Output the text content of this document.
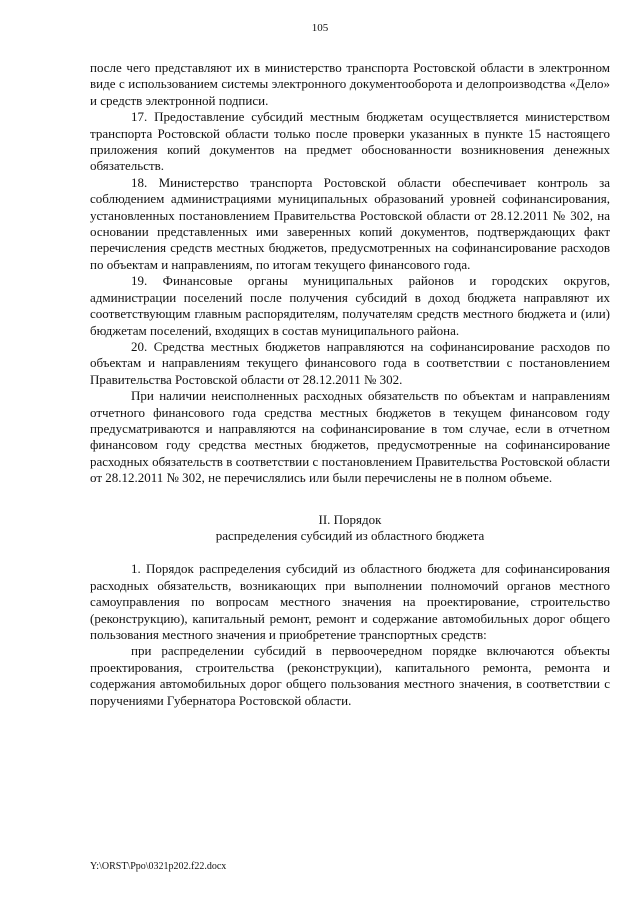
105

после чего представляют их в министерство транспорта Ростовской области в электронном виде с использованием системы электронного документооборота и делопроизводства «Дело» и средств электронной подписи.

17. Предоставление субсидий местным бюджетам осуществляется министерством транспорта Ростовской области только после проверки указанных в пункте 15 настоящего приложения копий документов на предмет обоснованности возникновения денежных обязательств.

18. Министерство транспорта Ростовской области обеспечивает контроль за соблюдением администрациями муниципальных образований уровней софинансирования, установленных постановлением Правительства Ростовской области от 28.12.2011 № 302, на основании представленных ими заверенных копий документов, подтверждающих факт перечисления средств местных бюджетов, предусмотренных на софинансирование расходов по объектам и направлениям, по итогам текущего финансового года.

19. Финансовые органы муниципальных районов и городских округов, администрации поселений после получения субсидий в доход бюджета направляют их соответствующим главным распорядителям, получателям средств местного бюджета и (или) бюджетам поселений, входящих в состав муниципального района.

20. Средства местных бюджетов направляются на софинансирование расходов по объектам и направлениям текущего финансового года в соответствии с постановлением Правительства Ростовской области от 28.12.2011 № 302.

При наличии неисполненных расходных обязательств по объектам и направлениям отчетного финансового года средства местных бюджетов в текущем финансовом году предусматриваются и направляются на софинансирование в том случае, если в отчетном финансовом году средства местных бюджетов, предусмотренные на софинансирование расходных обязательств в соответствии с постановлением Правительства Ростовской области от 28.12.2011 № 302, не перечислялись или были перечислены не в полном объеме.

II. Порядок
распределения субсидий из областного бюджета

1. Порядок распределения субсидий из областного бюджета для софинансирования расходных обязательств, возникающих при выполнении полномочий органов местного самоуправления по вопросам местного значения на проектирование, строительство (реконструкцию), капитальный ремонт, ремонт и содержание автомобильных дорог общего пользования местного значения и приобретение транспортных средств:

при распределении субсидий в первоочередном порядке включаются объекты проектирования, строительства (реконструкции), капитального ремонта, ремонта и содержания автомобильных дорог общего пользования местного значения, в соответствии с поручениями Губернатора Ростовской области.

Y:\ORST\Ppo\0321p202.f22.docx
